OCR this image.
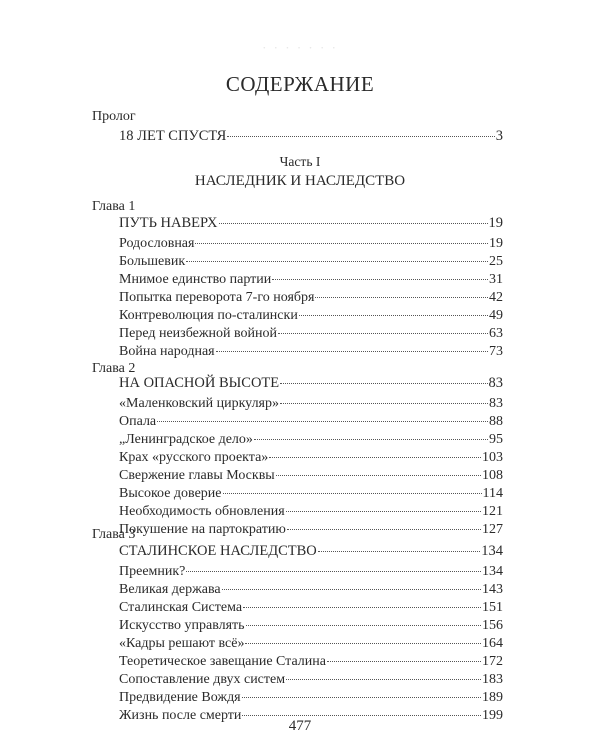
· · · · · · ·
СОДЕРЖАНИЕ
Пролог
18 ЛЕТ СПУСТЯ	3
Часть I
НАСЛЕДНИК И НАСЛЕДСТВО
Глава 1
ПУТЬ НАВЕРХ	19
Родословная	19
Большевик	25
Мнимое единство партии	31
Попытка переворота 7-го ноября	42
Контреволюция по-сталински	49
Перед неизбежной войной	63
Война народная	73
Глава 2
НА ОПАСНОЙ ВЫСОТЕ	83
«Маленковский циркуляр»	83
Опала	88
„Ленинградское дело»	95
Крах «русского проекта»	103
Свержение главы Москвы	108
Высокое доверие	114
Необходимость обновления	121
Покушение на партократию	127
Глава 3
СТАЛИНСКОЕ НАСЛЕДСТВО	134
Преемник?	134
Великая держава	143
Сталинская Система	151
Искусство управлять	156
«Кадры решают всё»	164
Теоретическое завещание Сталина	172
Сопоставление двух систем	183
Предвидение Вождя	189
Жизнь после смерти	199
477
